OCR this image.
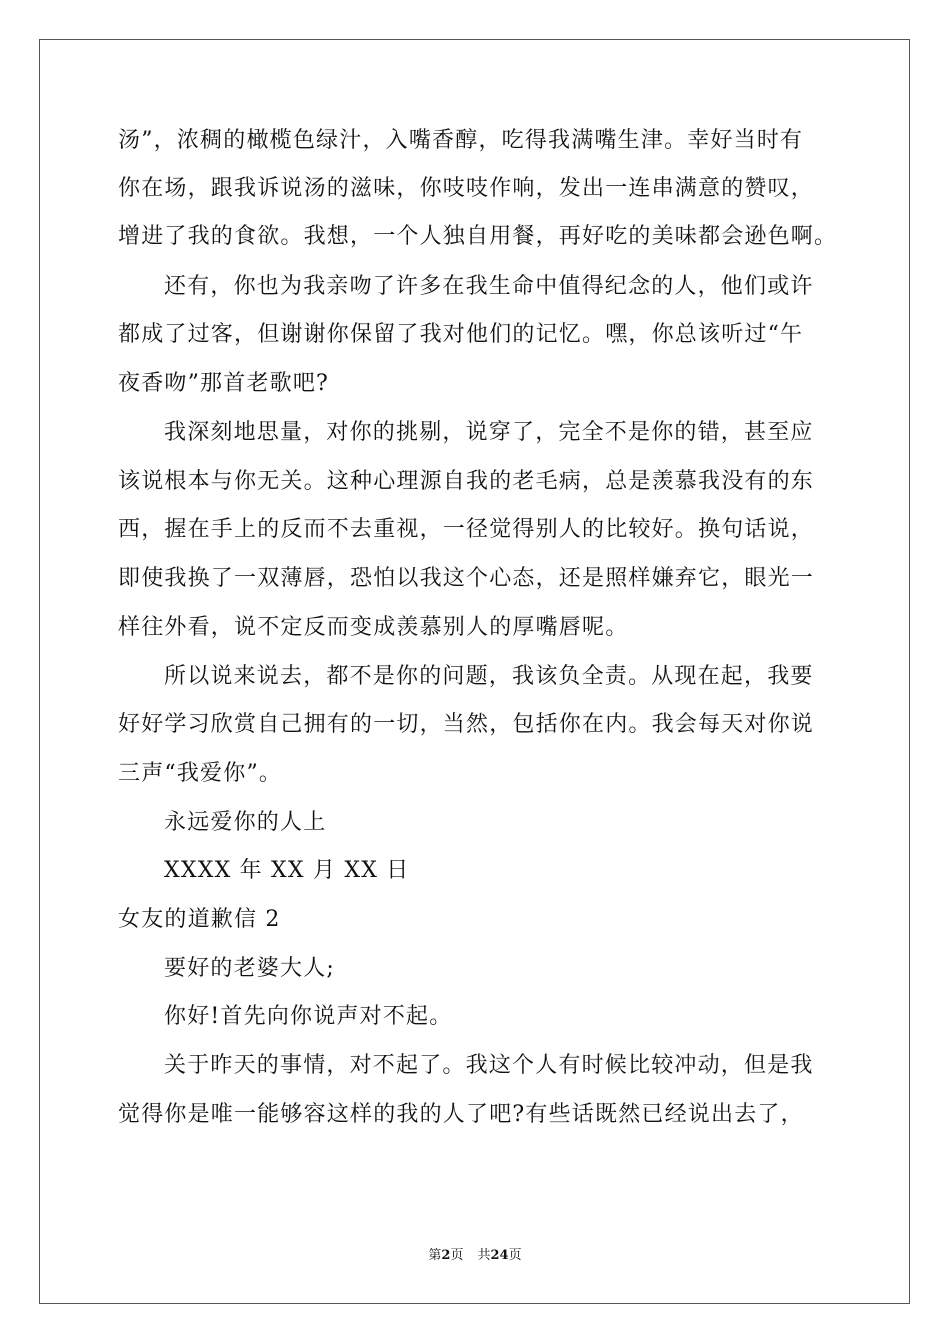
汤”，浓稠的橄榄色绿汁，入嘴香醇，吃得我满嘴生津。幸好当时有
你在场，跟我诉说汤的滋味，你吱吱作响，发出一连串满意的赞叹，
增进了我的食欲。我想，一个人独自用餐，再好吃的美味都会逊色啊。
还有，你也为我亲吻了许多在我生命中值得纪念的人，他们或许
都成了过客，但谢谢你保留了我对他们的记忆。嘿，你总该听过“午
夜香吻”那首老歌吧?
我深刻地思量，对你的挑剔，说穿了，完全不是你的错，甚至应
该说根本与你无关。这种心理源自我的老毛病，总是羡慕我没有的东
西，握在手上的反而不去重视，一径觉得别人的比较好。换句话说，
即使我换了一双薄唇，恐怕以我这个心态，还是照样嫌弃它，眼光一
样往外看，说不定反而变成羡慕别人的厚嘴唇呢。
所以说来说去，都不是你的问题，我该负全责。从现在起，我要
好好学习欣赏自己拥有的一切，当然，包括你在内。我会每天对你说
三声“我爱你”。
永远爱你的人上
XXXX 年 XX 月 XX 日
女友的道歉信 2
要好的老婆大人;
你好!首先向你说声对不起。
关于昨天的事情，对不起了。我这个人有时候比较冲动，但是我
觉得你是唯一能够容这样的我的人了吧?有些话既然已经说出去了，
第2页 共24页
